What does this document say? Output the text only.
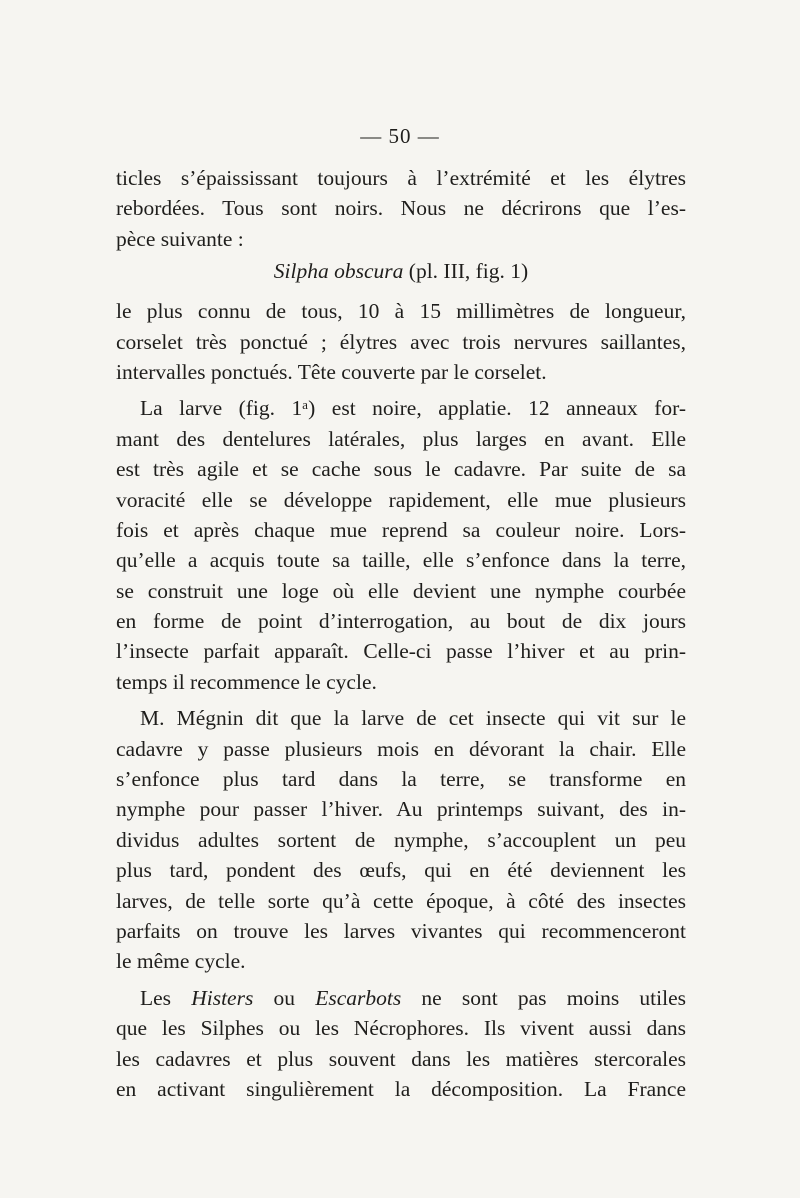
— 50 —
ticles s’épaississant toujours à l’extrémité et les élytres
rebordées. Tous sont noirs. Nous ne décrirons que l’es-
pèce suivante :
Silpha obscura (pl. III, fig. 1)
le plus connu de tous, 10 à 15 millimètres de longueur,
corselet très ponctué ; élytres avec trois nervures saillantes,
intervalles ponctués. Tête couverte par le corselet.
La larve (fig. 1ᵃ) est noire, applatie. 12 anneaux for-
mant des dentelures latérales, plus larges en avant. Elle
est très agile et se cache sous le cadavre. Par suite de sa
voracité elle se développe rapidement, elle mue plusieurs
fois et après chaque mue reprend sa couleur noire. Lors-
qu’elle a acquis toute sa taille, elle s’enfonce dans la terre,
se construit une loge où elle devient une nymphe courbée
en forme de point d’interrogation, au bout de dix jours
l’insecte parfait apparaît. Celle-ci passe l’hiver et au prin-
temps il recommence le cycle.
M. Mégnin dit que la larve de cet insecte qui vit sur le
cadavre y passe plusieurs mois en dévorant la chair. Elle
s’enfonce plus tard dans la terre, se transforme en
nymphe pour passer l’hiver. Au printemps suivant, des in-
dividus adultes sortent de nymphe, s’accouplent un peu
plus tard, pondent des œufs, qui en été deviennent les
larves, de telle sorte qu’à cette époque, à côté des insectes
parfaits on trouve les larves vivantes qui recommenceront
le même cycle.
Les Histers ou Escarbots ne sont pas moins utiles
que les Silphes ou les Nécrophores. Ils vivent aussi dans
les cadavres et plus souvent dans les matières stercorales
en activant singulièrement la décomposition. La France
